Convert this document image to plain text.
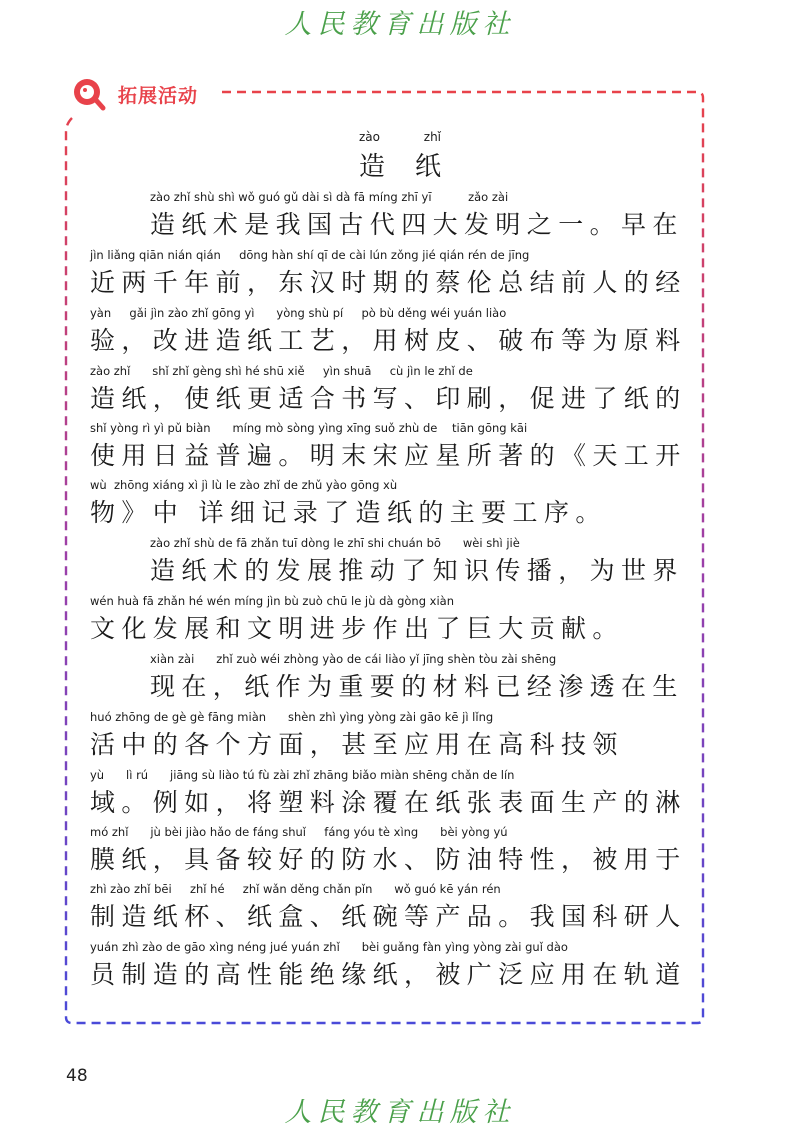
人民教育出版社
拓展活动
zào zhǐ
造纸
zào zhǐ shù shì wǒ guó gǔ dài sì dà fā míng zhī yī          zǎo zài
造纸术是我国古代四大发明之一。早在
jìn liǎng qiān nián qián     dōng hàn shí qī de cài lún zǒng jié qián rén de jīng
近两千年前，东汉时期的蔡伦总结前人的经
yàn     gǎi jìn zào zhǐ gōng yì      yòng shù pí     pò bù děng wéi yuán liào
验，改进造纸工艺，用树皮、破布等为原料
zào zhǐ      shǐ zhǐ gèng shì hé shū xiě     yìn shuā     cù jìn le zhǐ de
造纸，使纸更适合书写、印刷，促进了纸的
shǐ yòng rì yì pǔ biàn      míng mò sòng yìng xīng suǒ zhù de    tiān gōng kāi
使用日益普遍。明末宋应星所著的《天工开
wù  zhōng xiáng xì jì lù le zào zhǐ de zhǔ yào gōng xù
物》中 详细记录了造纸的主要工序。
zào zhǐ shù de fā zhǎn tuī dòng le zhī shi chuán bō      wèi shì jiè
造纸术的发展推动了知识传播，为世界
wén huà fā zhǎn hé wén míng jìn bù zuò chū le jù dà gòng xiàn
文化发展和文明进步作出了巨大贡献。
xiàn zài      zhǐ zuò wéi zhòng yào de cái liào yǐ jīng shèn tòu zài shēng
现在，纸作为重要的材料已经渗透在生
huó zhōng de gè gè fāng miàn      shèn zhì yìng yòng zài gāo kē jì lǐng
活中的各个方面，甚至应用在高科技领
yù      lì rú      jiāng sù liào tú fù zài zhǐ zhāng biǎo miàn shēng chǎn de lín
域。例如，将塑料涂覆在纸张表面生产的淋
mó zhǐ      jù bèi jiào hǎo de fáng shuǐ     fáng yóu tè xìng      bèi yòng yú
膜纸，具备较好的防水、防油特性，被用于
zhì zào zhǐ bēi     zhǐ hé     zhǐ wǎn děng chǎn pǐn      wǒ guó kē yán rén
制造纸杯、纸盒、纸碗等产品。我国科研人
yuán zhì zào de gāo xìng néng jué yuán zhǐ      bèi guǎng fàn yìng yòng zài guǐ dào
员制造的高性能绝缘纸，被广泛应用在轨道
48
人民教育出版社
